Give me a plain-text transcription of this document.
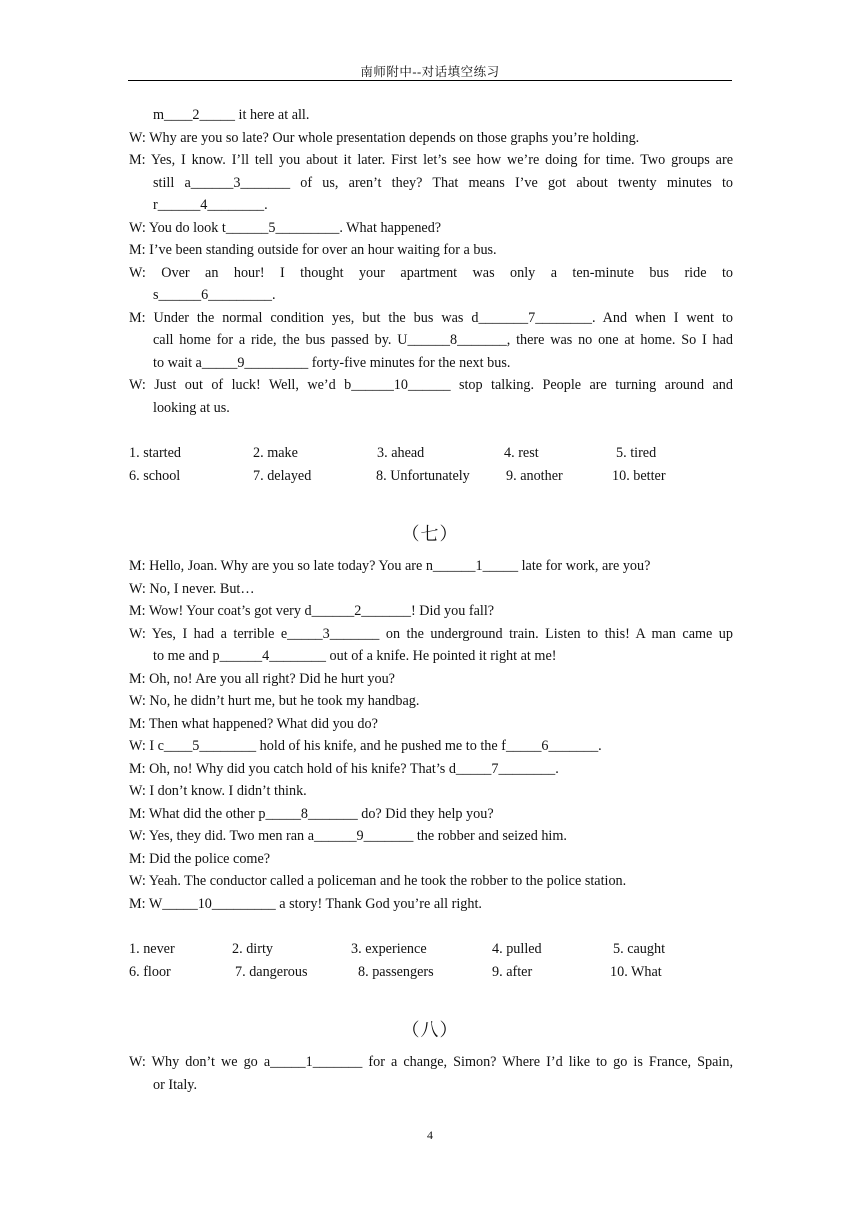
南师附中--对话填空练习
m____2_____ it here at all.
W: Why are you so late? Our whole presentation depends on those graphs you’re holding.
M: Yes, I know. I’ll tell you about it later. First let’s see how we’re doing for time. Two groups are
still a______3_______ of us, aren’t they? That means I’ve got about twenty minutes to
r______4________.
W: You do look t______5_________. What happened?
M: I’ve been standing outside for over an hour waiting for a bus.
W: Over an hour! I thought your apartment was only a ten-minute bus ride to
s______6_________.
M: Under the normal condition yes, but the bus was d_______7________. And when I went to
call home for a ride, the bus passed by. U______8_______, there was no one at home. So I had
to wait a_____9_________ forty-five minutes for the next bus.
W: Just out of luck! Well, we’d b______10______ stop talking. People are turning around and
looking at us.
1. started	2. make	3. ahead	4. rest	5. tired
6. school	7. delayed	8. Unfortunately	9. another	10. better
（七）
M: Hello, Joan. Why are you so late today? You are n______1_____ late for work, are you?
W: No, I never. But…
M: Wow! Your coat’s got very d______2_______! Did you fall?
W: Yes, I had a terrible e_____3_______ on the underground train. Listen to this! A man came up
to me and p______4________ out of a knife. He pointed it right at me!
M: Oh, no! Are you all right? Did he hurt you?
W: No, he didn’t hurt me, but he took my handbag.
M: Then what happened? What did you do?
W: I c____5________ hold of his knife, and he pushed me to the f_____6_______.
M: Oh, no! Why did you catch hold of his knife? That’s d_____7________.
W: I don’t know. I didn’t think.
M: What did the other p_____8_______ do? Did they help you?
W: Yes, they did. Two men ran a______9_______ the robber and seized him.
M: Did the police come?
W: Yeah. The conductor called a policeman and he took the robber to the police station.
M: W_____10_________ a story! Thank God you’re all right.
1. never	2. dirty	3. experience	4. pulled	5. caught
6. floor	7. dangerous	8. passengers	9. after	10. What
（八）
W: Why don’t we go a_____1_______ for a change, Simon? Where I’d like to go is France, Spain,
or Italy.
4
